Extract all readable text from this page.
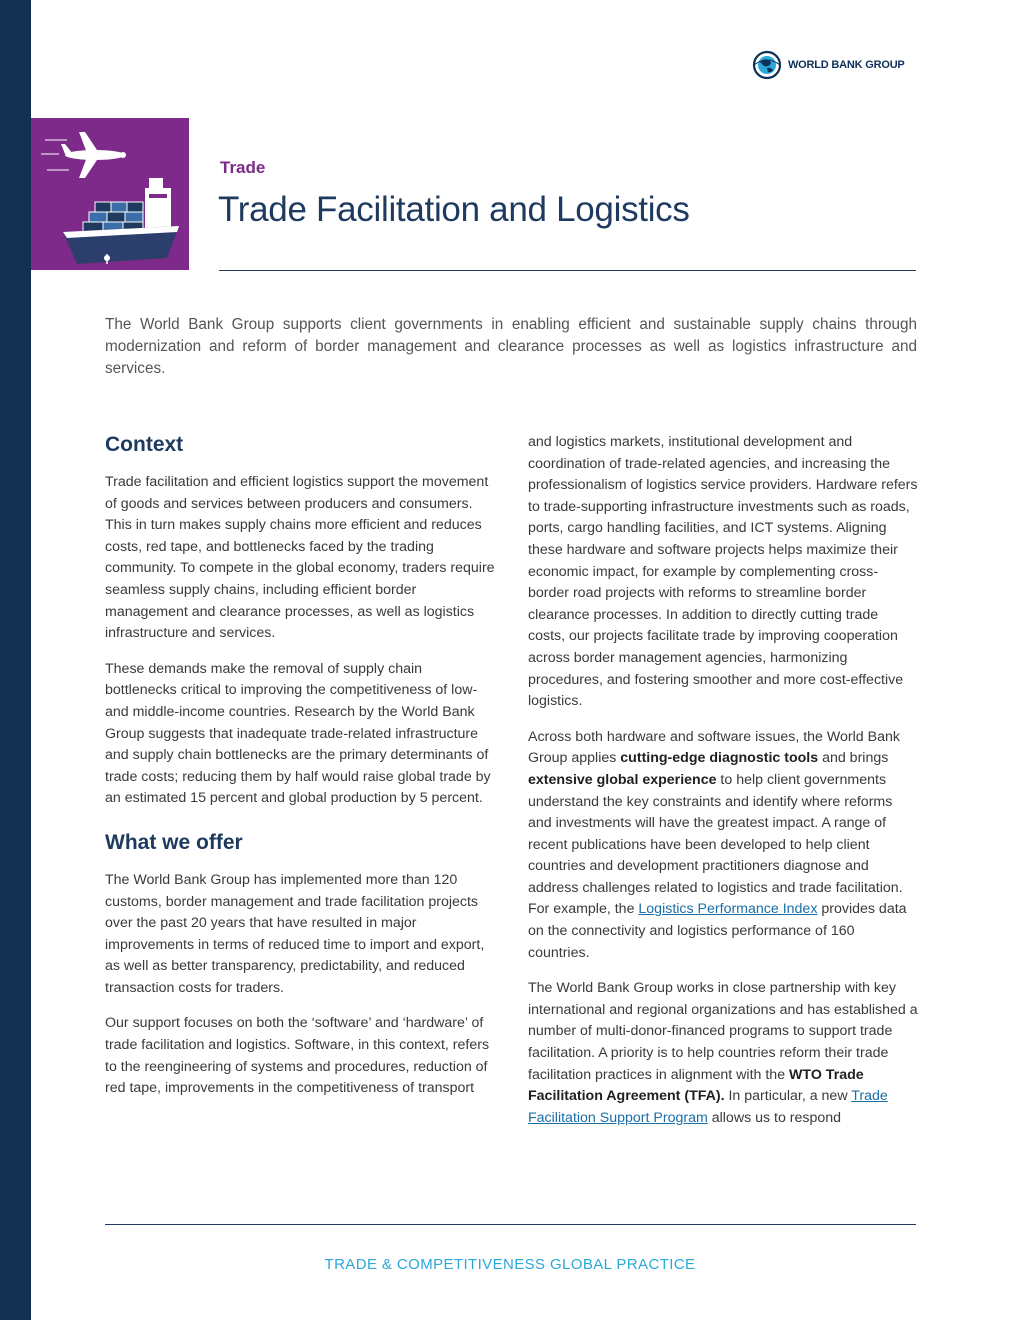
WORLD BANK GROUP
Trade
Trade Facilitation and Logistics
The World Bank Group supports client governments in enabling efficient and sustainable supply chains through modernization and reform of border management and clearance processes as well as logistics infrastructure and services.
Context

Trade facilitation and efficient logistics support the movement of goods and services between producers and consumers. This in turn makes supply chains more efficient and reduces costs, red tape, and bottlenecks faced by the trading community. To compete in the global economy, traders require seamless supply chains, including efficient border management and clearance processes, as well as logistics infrastructure and services.

These demands make the removal of supply chain bottlenecks critical to improving the competitiveness of low- and middle-income countries. Research by the World Bank Group suggests that inadequate trade-related infrastructure and supply chain bottlenecks are the primary determinants of trade costs; reducing them by half would raise global trade by an estimated 15 percent and global production by 5 percent.

What we offer

The World Bank Group has implemented more than 120 customs, border management and trade facilitation projects over the past 20 years that have resulted in major improvements in terms of reduced time to import and export, as well as better transparency, predictability, and reduced transaction costs for traders.

Our support focuses on both the ‘software’ and ‘hardware’ of trade facilitation and logistics. Software, in this context, refers to the reengineering of systems and procedures, reduction of red tape, improvements in the competitiveness of transport

and logistics markets, institutional development and coordination of trade-related agencies, and increasing the professionalism of logistics service providers. Hardware refers to trade-supporting infrastructure investments such as roads, ports, cargo handling facilities, and ICT systems. Aligning these hardware and software projects helps maximize their economic impact, for example by complementing cross-border road projects with reforms to streamline border clearance processes. In addition to directly cutting trade costs, our projects facilitate trade by improving cooperation across border management agencies, harmonizing procedures, and fostering smoother and more cost-effective logistics.

Across both hardware and software issues, the World Bank Group applies cutting-edge diagnostic tools and brings extensive global experience to help client governments understand the key constraints and identify where reforms and investments will have the greatest impact. A range of recent publications have been developed to help client countries and development practitioners diagnose and address challenges related to logistics and trade facilitation. For example, the Logistics Performance Index provides data on the connectivity and logistics performance of 160 countries.

The World Bank Group works in close partnership with key international and regional organizations and has established a number of multi-donor-financed programs to support trade facilitation. A priority is to help countries reform their trade facilitation practices in alignment with the WTO Trade Facilitation Agreement (TFA). In particular, a new Trade Facilitation Support Program allows us to respond

TRADE & COMPETITIVENESS GLOBAL PRACTICE
